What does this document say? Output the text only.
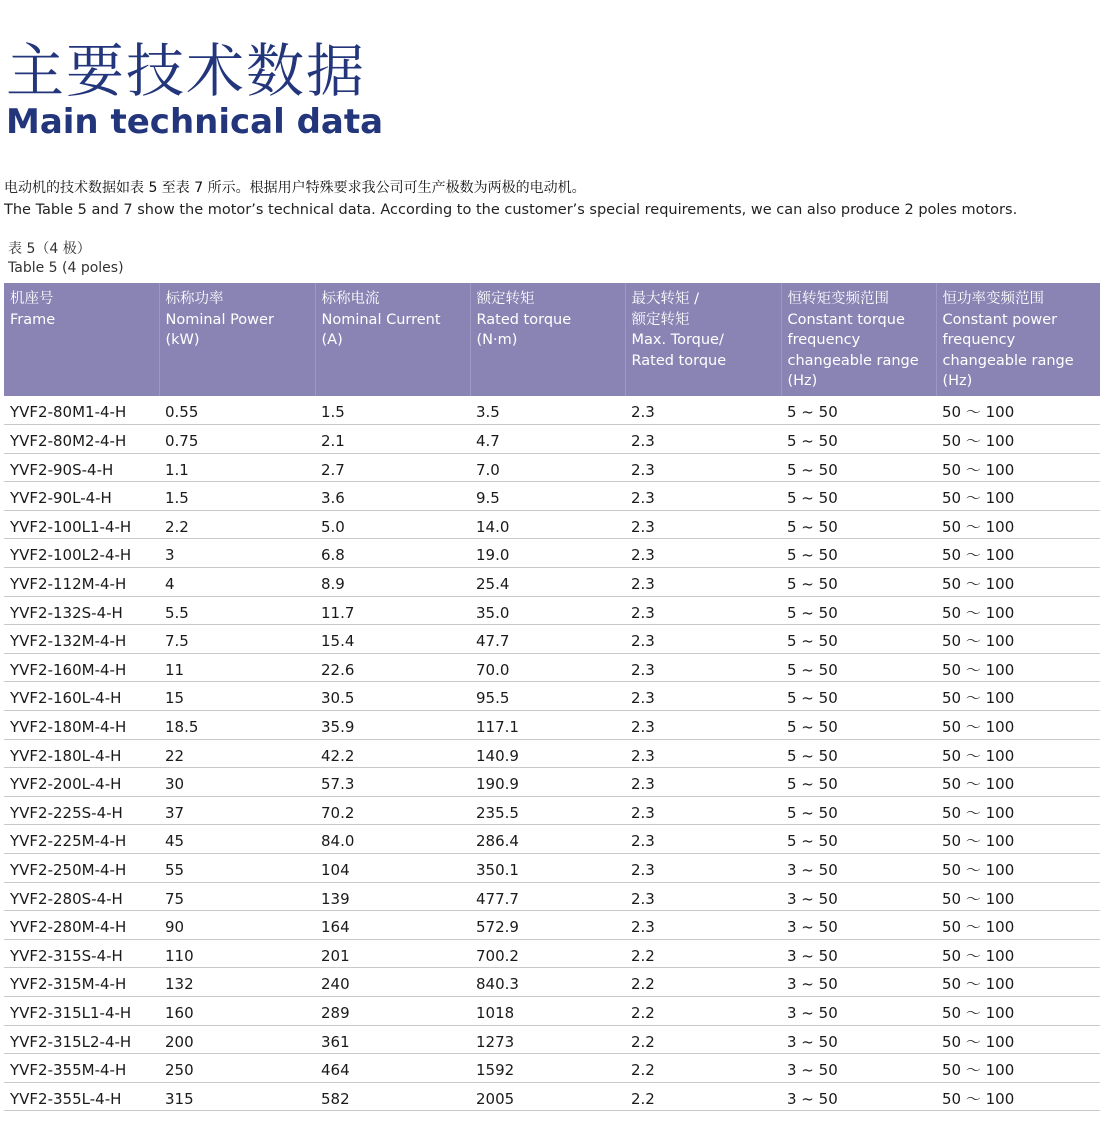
主要技术数据
Main technical data

电动机的技术数据如表 5 至表 7 所示。根据用户特殊要求我公司可生产极数为两极的电动机。

The Table 5 and 7 show the motor’s technical data. According to the customer’s special requirements, we can also produce 2 poles motors.

表 5（4 极）
Table 5 (4 poles)
机座号
Frame	标称功率
Nominal Power
(kW)	标称电流
Nominal Current
(A)	额定转矩
Rated torque
(N·m)	最大转矩 /
额定转矩
Max. Torque/
Rated torque	恒转矩变频范围
Constant torque
frequency
changeable range
(Hz)	恒功率变频范围
Constant power
frequency
changeable range
(Hz)

YVF2-80M1-4-H	0.55	1.5	3.5	2.3	5 ~ 50	50 ～ 100
YVF2-80M2-4-H	0.75	2.1	4.7	2.3	5 ~ 50	50 ～ 100
YVF2-90S-4-H	1.1	2.7	7.0	2.3	5 ~ 50	50 ～ 100
YVF2-90L-4-H	1.5	3.6	9.5	2.3	5 ~ 50	50 ～ 100
YVF2-100L1-4-H	2.2	5.0	14.0	2.3	5 ~ 50	50 ～ 100
YVF2-100L2-4-H	3	6.8	19.0	2.3	5 ~ 50	50 ～ 100
YVF2-112M-4-H	4	8.9	25.4	2.3	5 ~ 50	50 ～ 100
YVF2-132S-4-H	5.5	11.7	35.0	2.3	5 ~ 50	50 ～ 100
YVF2-132M-4-H	7.5	15.4	47.7	2.3	5 ~ 50	50 ～ 100
YVF2-160M-4-H	11	22.6	70.0	2.3	5 ~ 50	50 ～ 100
YVF2-160L-4-H	15	30.5	95.5	2.3	5 ~ 50	50 ～ 100
YVF2-180M-4-H	18.5	35.9	117.1	2.3	5 ~ 50	50 ～ 100
YVF2-180L-4-H	22	42.2	140.9	2.3	5 ~ 50	50 ～ 100
YVF2-200L-4-H	30	57.3	190.9	2.3	5 ~ 50	50 ～ 100
YVF2-225S-4-H	37	70.2	235.5	2.3	5 ~ 50	50 ～ 100
YVF2-225M-4-H	45	84.0	286.4	2.3	5 ~ 50	50 ～ 100
YVF2-250M-4-H	55	104	350.1	2.3	3 ~ 50	50 ～ 100
YVF2-280S-4-H	75	139	477.7	2.3	3 ~ 50	50 ～ 100
YVF2-280M-4-H	90	164	572.9	2.3	3 ~ 50	50 ～ 100
YVF2-315S-4-H	110	201	700.2	2.2	3 ~ 50	50 ～ 100
YVF2-315M-4-H	132	240	840.3	2.2	3 ~ 50	50 ～ 100
YVF2-315L1-4-H	160	289	1018	2.2	3 ~ 50	50 ～ 100
YVF2-315L2-4-H	200	361	1273	2.2	3 ~ 50	50 ～ 100
YVF2-355M-4-H	250	464	1592	2.2	3 ~ 50	50 ～ 100
YVF2-355L-4-H	315	582	2005	2.2	3 ~ 50	50 ～ 100
